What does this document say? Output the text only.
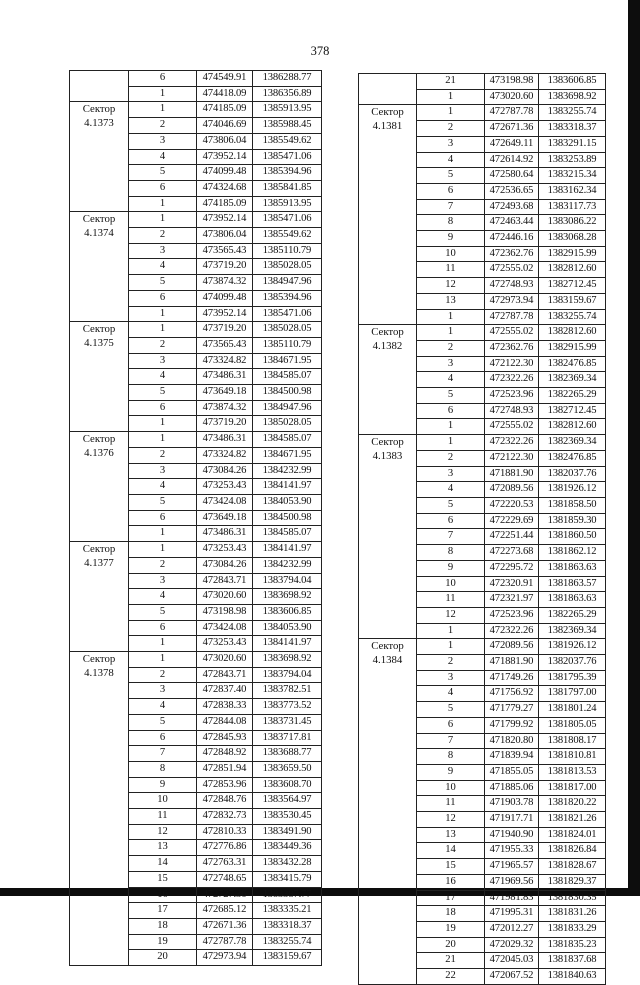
378
	6	474549.91	1386288.77
	1	474418.09	1386356.89
Сектор
4.1373	1	474185.09	1385913.95
	2	474046.69	1385988.45
	3	473806.04	1385549.62
	4	473952.14	1385471.06
	5	474099.48	1385394.96
	6	474324.68	1385841.85
	1	474185.09	1385913.95
Сектор
4.1374	1	473952.14	1385471.06
	2	473806.04	1385549.62
	3	473565.43	1385110.79
	4	473719.20	1385028.05
	5	473874.32	1384947.96
	6	474099.48	1385394.96
	1	473952.14	1385471.06
Сектор
4.1375	1	473719.20	1385028.05
	2	473565.43	1385110.79
	3	473324.82	1384671.95
	4	473486.31	1384585.07
	5	473649.18	1384500.98
	6	473874.32	1384947.96
	1	473719.20	1385028.05
Сектор
4.1376	1	473486.31	1384585.07
	2	473324.82	1384671.95
	3	473084.26	1384232.99
	4	473253.43	1384141.97
	5	473424.08	1384053.90
	6	473649.18	1384500.98
	1	473486.31	1384585.07
Сектор
4.1377	1	473253.43	1384141.97
	2	473084.26	1384232.99
	3	472843.71	1383794.04
	4	473020.60	1383698.92
	5	473198.98	1383606.85
	6	473424.08	1384053.90
	1	473253.43	1384141.97
Сектор
4.1378	1	473020.60	1383698.92
	2	472843.71	1383794.04
	3	472837.40	1383782.51
	4	472838.33	1383773.52
	5	472844.08	1383731.45
	6	472845.93	1383717.81
	7	472848.92	1383688.77
	8	472851.94	1383659.50
	9	472853.96	1383608.70
	10	472848.76	1383564.97
	11	472832.73	1383530.45
	12	472810.33	1383491.90
	13	472776.86	1383449.36
	14	472763.31	1383432.28
	15	472748.65	1383415.79
	16	472727.36	1383387.77
	17	472685.12	1383335.21
	18	472671.36	1383318.37
	19	472787.78	1383255.74
	20	472973.94	1383159.67
	21	473198.98	1383606.85
	1	473020.60	1383698.92
Сектор
4.1381	1	472787.78	1383255.74
	2	472671.36	1383318.37
	3	472649.11	1383291.15
	4	472614.92	1383253.89
	5	472580.64	1383215.34
	6	472536.65	1383162.34
	7	472493.68	1383117.73
	8	472463.44	1383086.22
	9	472446.16	1383068.28
	10	472362.76	1382915.99
	11	472555.02	1382812.60
	12	472748.93	1382712.45
	13	472973.94	1383159.67
	1	472787.78	1383255.74
Сектор
4.1382	1	472555.02	1382812.60
	2	472362.76	1382915.99
	3	472122.30	1382476.85
	4	472322.26	1382369.34
	5	472523.96	1382265.29
	6	472748.93	1382712.45
	1	472555.02	1382812.60
Сектор
4.1383	1	472322.26	1382369.34
	2	472122.30	1382476.85
	3	471881.90	1382037.76
	4	472089.56	1381926.12
	5	472220.53	1381858.50
	6	472229.69	1381859.30
	7	472251.44	1381860.50
	8	472273.68	1381862.12
	9	472295.72	1381863.63
	10	472320.91	1381863.57
	11	472321.97	1381863.63
	12	472523.96	1382265.29
	1	472322.26	1382369.34
Сектор
4.1384	1	472089.56	1381926.12
	2	471881.90	1382037.76
	3	471749.26	1381795.39
	4	471756.92	1381797.00
	5	471779.27	1381801.24
	6	471799.92	1381805.05
	7	471820.80	1381808.17
	8	471839.94	1381810.81
	9	471855.05	1381813.53
	10	471885.06	1381817.00
	11	471903.78	1381820.22
	12	471917.71	1381821.26
	13	471940.90	1381824.01
	14	471955.33	1381826.84
	15	471965.57	1381828.67
	16	471969.56	1381829.37
	17	471981.83	1381830.35
	18	471995.31	1381831.26
	19	472012.27	1381833.29
	20	472029.32	1381835.23
	21	472045.03	1381837.68
	22	472067.52	1381840.63
